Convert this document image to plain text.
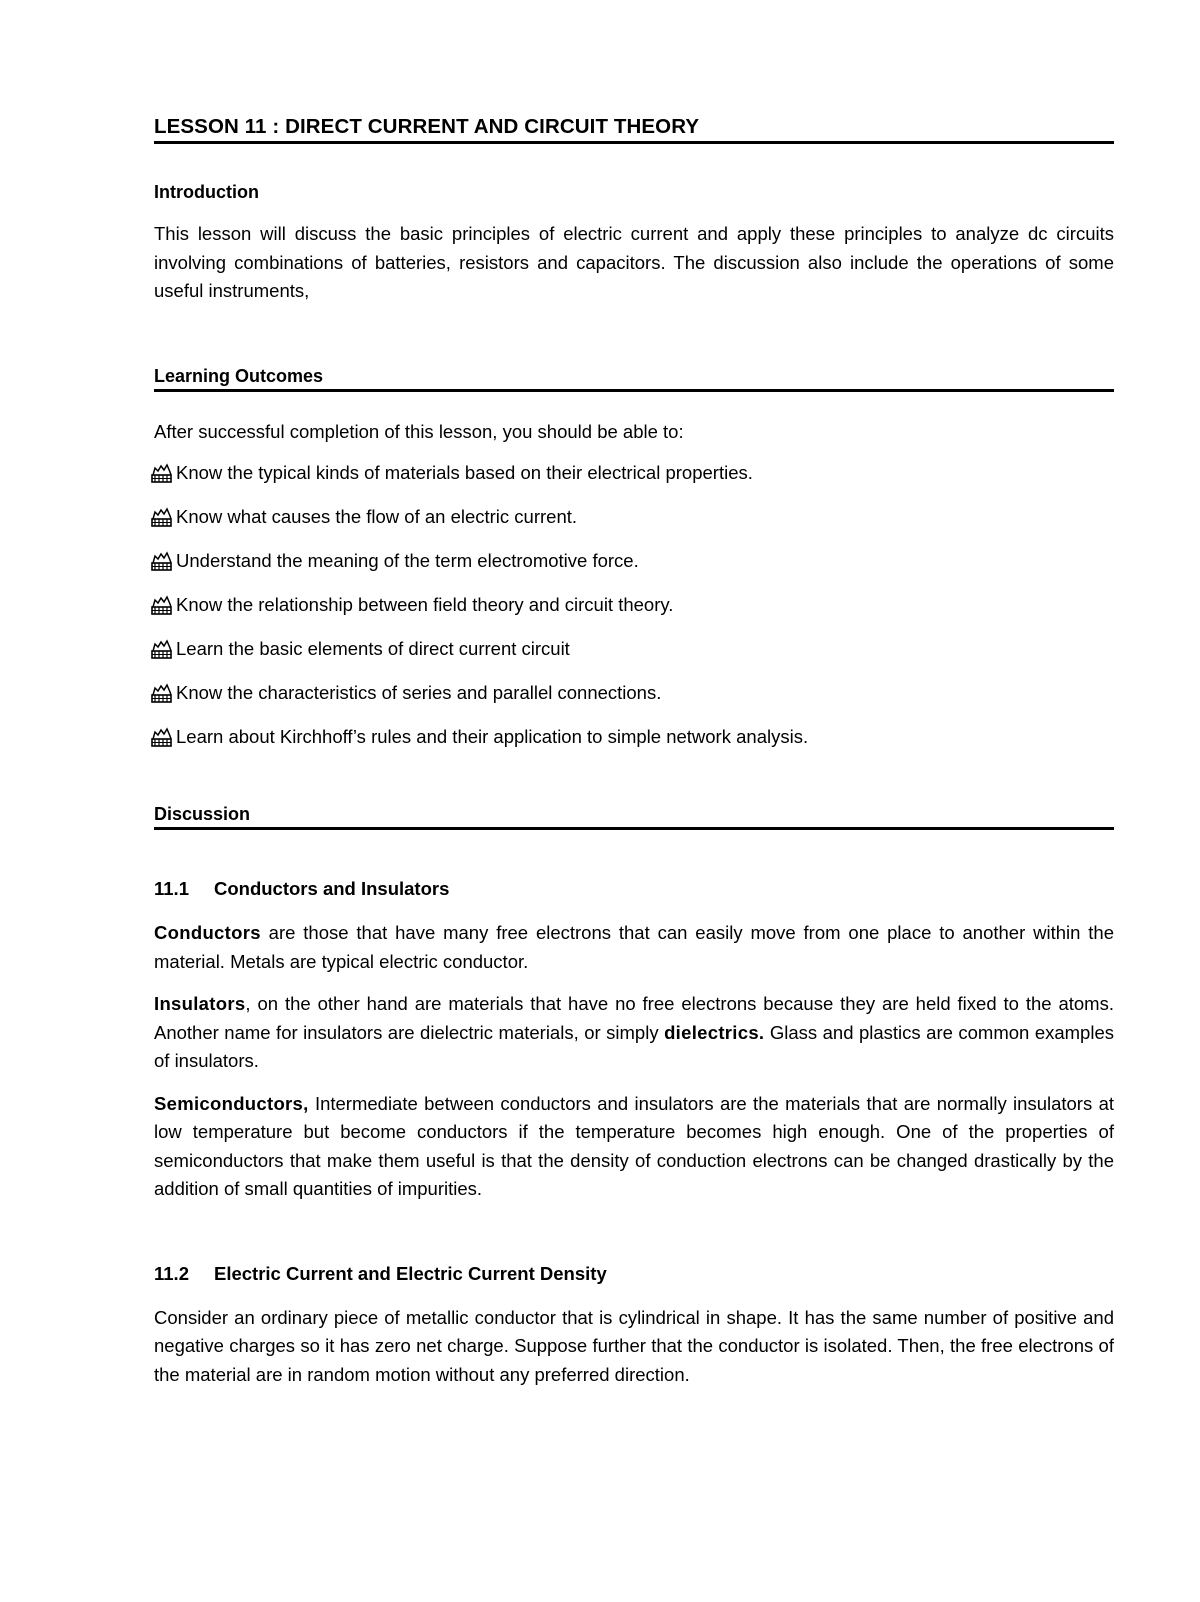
LESSON 11 : DIRECT CURRENT AND CIRCUIT THEORY
Introduction

This lesson will discuss the basic principles of electric current and apply these principles to analyze dc circuits involving combinations of batteries, resistors and capacitors. The discussion also include the operations of some useful instruments,

Learning Outcomes

After successful completion of this lesson, you should be able to:

Know the typical kinds of materials based on their electrical properties.
Know what causes the flow of an electric current.
Understand the meaning of the term electromotive force.
Know the relationship between field theory and circuit theory.
Learn the basic elements of direct current circuit
Know the characteristics of series and parallel connections.
Learn about Kirchhoff’s rules and their application to simple network analysis.
Discussion
11.1 Conductors and Insulators

Conductors are those that have many free electrons that can easily move from one place to another within the material. Metals are typical electric conductor.

Insulators, on the other hand are materials that have no free electrons because they are held fixed to the atoms. Another name for insulators are dielectric materials, or simply dielectrics. Glass and plastics are common examples of insulators.

Semiconductors, Intermediate between conductors and insulators are the materials that are normally insulators at low temperature but become conductors if the temperature becomes high enough. One of the properties of semiconductors that make them useful is that the density of conduction electrons can be changed drastically by the addition of small quantities of impurities.

11.2 Electric Current and Electric Current Density

Consider an ordinary piece of metallic conductor that is cylindrical in shape. It has the same number of positive and negative charges so it has zero net charge. Suppose further that the conductor is isolated. Then, the free electrons of the material are in random motion without any preferred direction.
